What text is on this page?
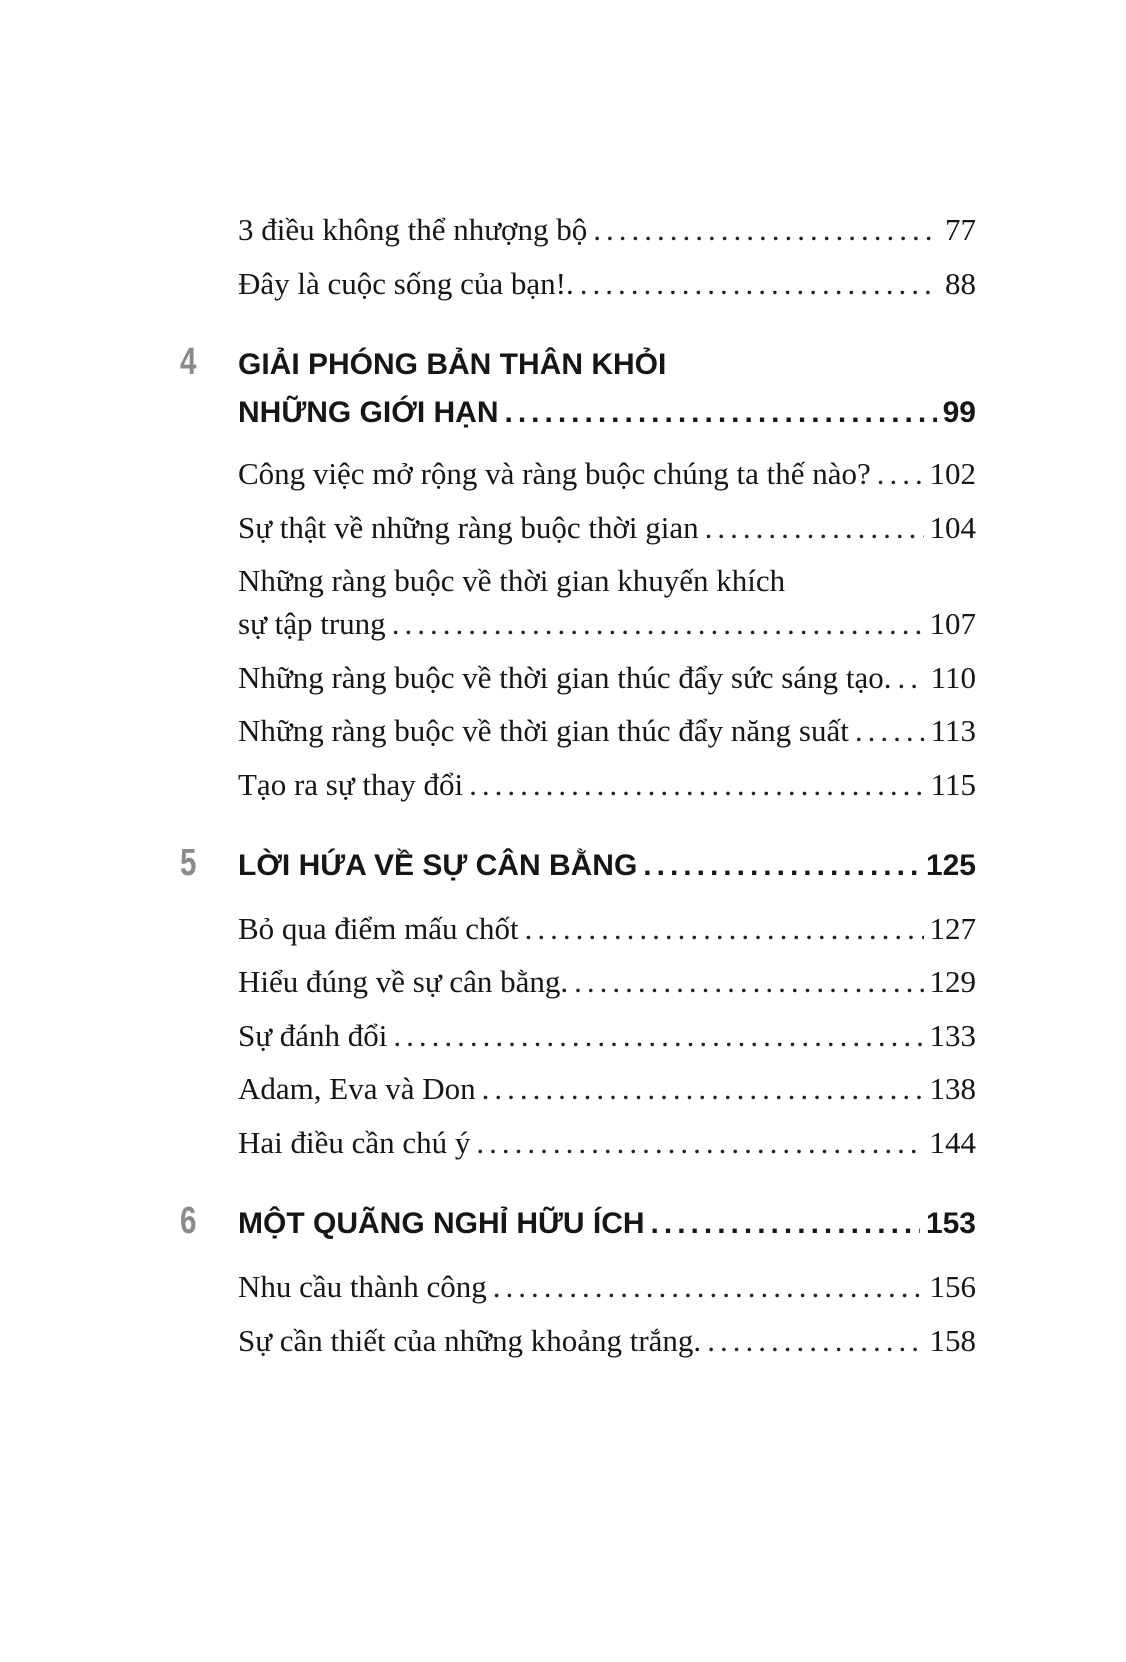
3 điều không thể nhượng bộ .....	77
Đây là cuộc sống của bạn!. .....	88
4 GIẢI PHÓNG BẢN THÂN KHỎI
NHỮNG GIỚI HẠN .....	99
Công việc mở rộng và ràng buộc chúng ta thế nào? ..... 102
Sự thật về những ràng buộc thời gian .....	104
Những ràng buộc về thời gian khuyến khích
sự tập trung .....	107
Những ràng buộc về thời gian thúc đẩy sức sáng tạo. ..... 110
Những ràng buộc về thời gian thúc đẩy năng suất .....	113
Tạo ra sự thay đổi .....	115
5 LỜI HỨA VỀ SỰ CÂN BẰNG .....	125
Bỏ qua điểm mấu chốt .....	127
Hiểu đúng về sự cân bằng. .....	129
Sự đánh đổi .....	133
Adam, Eva và Don .....	138
Hai điều cần chú ý .....	144
6 MỘT QUÃNG NGHỈ HỮU ÍCH .....	153
Nhu cầu thành công .....	156
Sự cần thiết của những khoảng trắng. .....	158
